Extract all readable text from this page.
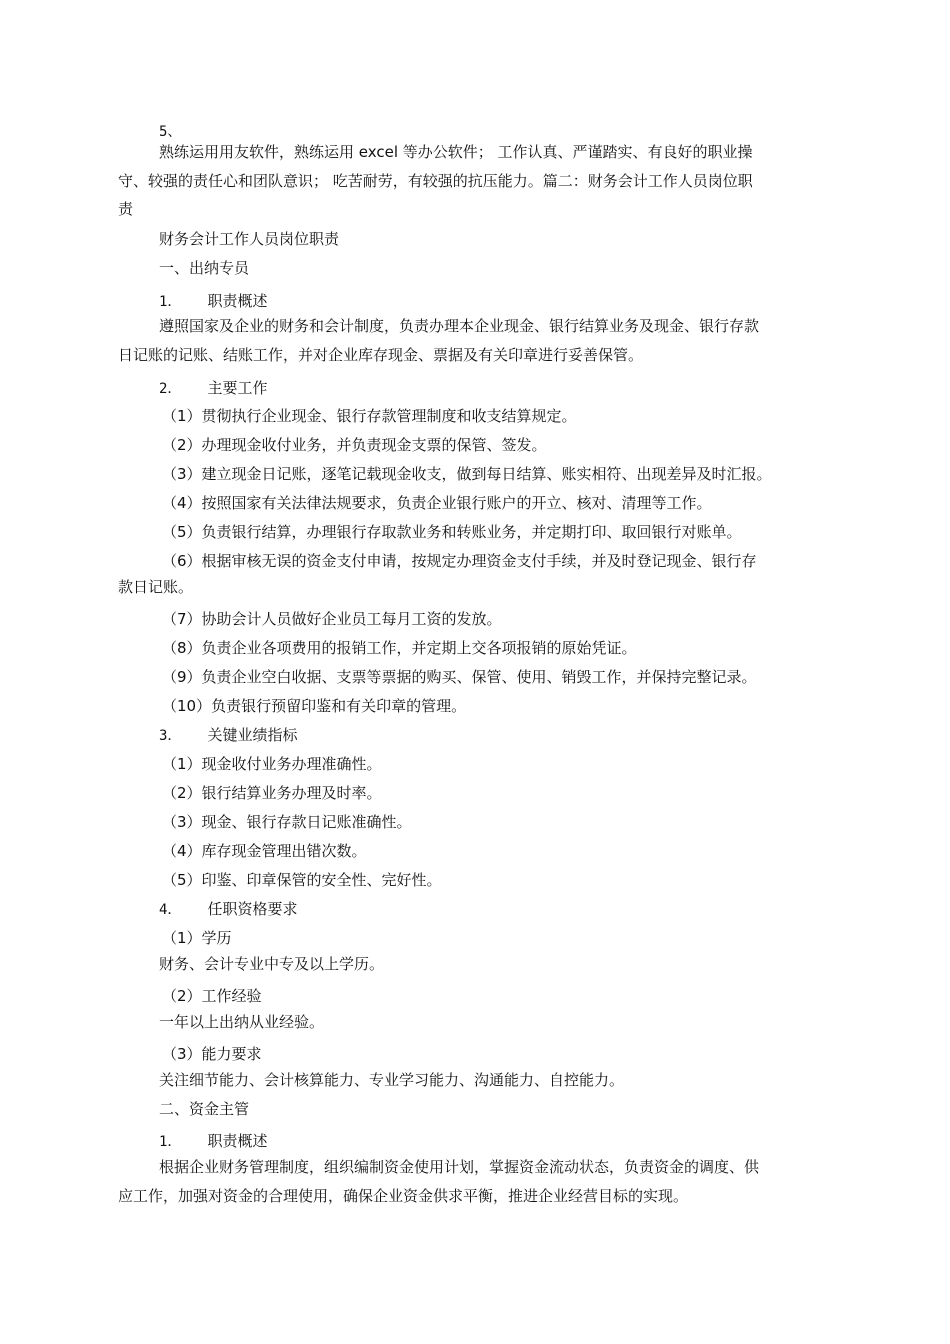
5、
熟练运用用友软件，熟练运用 excel 等办公软件； 工作认真、严谨踏实、有良好的职业操
守、较强的责任心和团队意识； 吃苦耐劳，有较强的抗压能力。篇二：财务会计工作人员岗位职
责
财务会计工作人员岗位职责
一、出纳专员
1． 职责概述
遵照国家及企业的财务和会计制度，负责办理本企业现金、银行结算业务及现金、银行存款
日记账的记账、结账工作，并对企业库存现金、票据及有关印章进行妥善保管。
2． 主要工作
（1）贯彻执行企业现金、银行存款管理制度和收支结算规定。
（2）办理现金收付业务，并负责现金支票的保管、签发。
（3）建立现金日记账，逐笔记载现金收支，做到每日结算、账实相符、出现差异及时汇报。
（4）按照国家有关法律法规要求，负责企业银行账户的开立、核对、清理等工作。
（5）负责银行结算，办理银行存取款业务和转账业务，并定期打印、取回银行对账单。
（6）根据审核无误的资金支付申请，按规定办理资金支付手续，并及时登记现金、银行存
款日记账。
（7）协助会计人员做好企业员工每月工资的发放。
（8）负责企业各项费用的报销工作，并定期上交各项报销的原始凭证。
（9）负责企业空白收据、支票等票据的购买、保管、使用、销毁工作，并保持完整记录。
（10）负责银行预留印鉴和有关印章的管理。
3． 关键业绩指标
（1）现金收付业务办理准确性。
（2）银行结算业务办理及时率。
（3）现金、银行存款日记账准确性。
（4）库存现金管理出错次数。
（5）印鉴、印章保管的安全性、完好性。
4． 任职资格要求
（1）学历
财务、会计专业中专及以上学历。
（2）工作经验
一年以上出纳从业经验。
（3）能力要求
关注细节能力、会计核算能力、专业学习能力、沟通能力、自控能力。
二、资金主管
1． 职责概述
根据企业财务管理制度，组织编制资金使用计划，掌握资金流动状态，负责资金的调度、供
应工作，加强对资金的合理使用，确保企业资金供求平衡，推进企业经营目标的实现。
